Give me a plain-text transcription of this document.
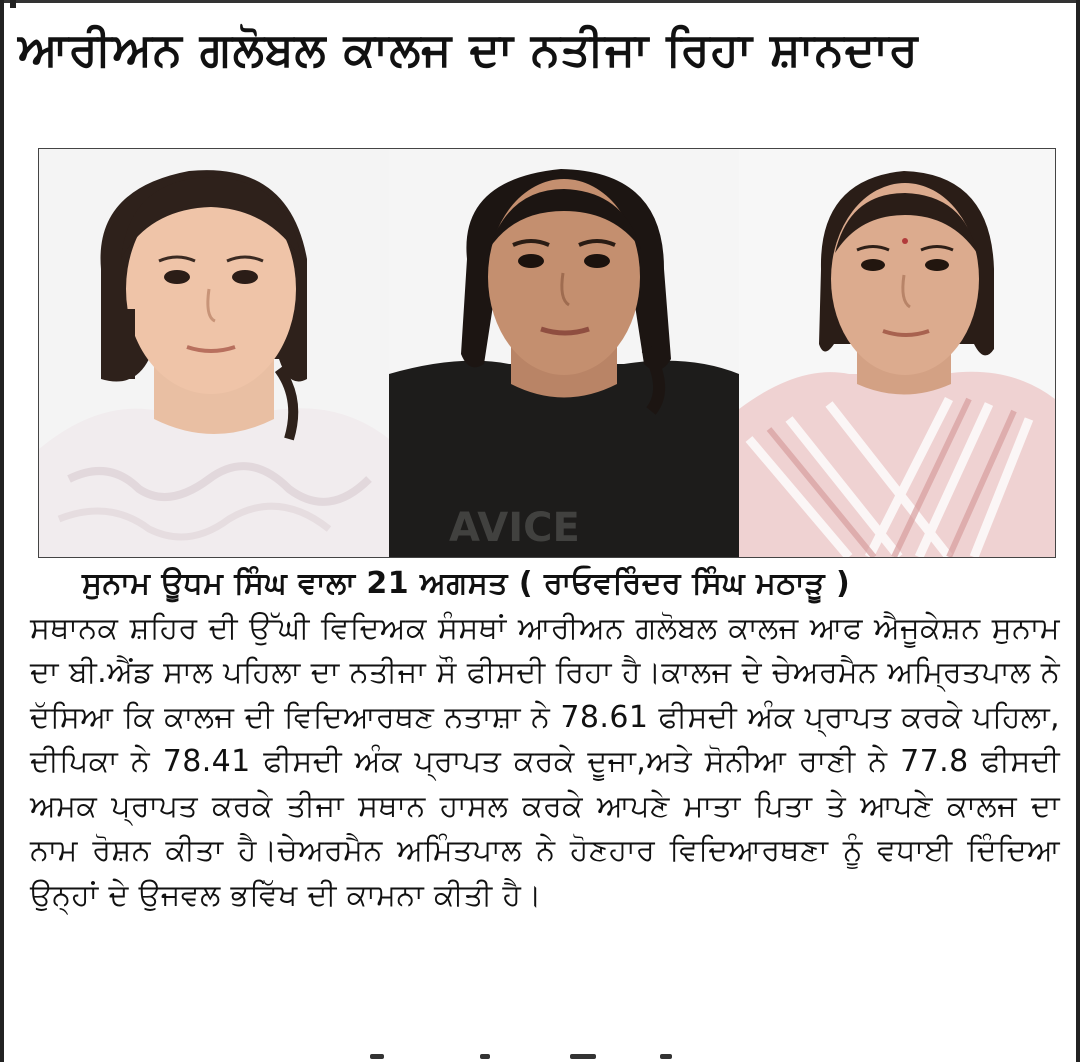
ਆਰੀਅਨ ਗਲੋਬਲ ਕਾਲਜ ਦਾ ਨਤੀਜਾ ਰਿਹਾ ਸ਼ਾਨਦਾਰ
AVICE
ਸੁਨਾਮ ਊਧਮ ਸਿੰਘ ਵਾਲਾ 21 ਅਗਸਤ ( ਰਾਓਵਰਿੰਦਰ ਸਿੰਘ ਮਠਾੜੂ )
ਸਥਾਨਕ ਸ਼ਹਿਰ ਦੀ ਉੱਘੀ ਵਿਦਿਅਕ ਸੰਸਥਾਂ ਆਰੀਅਨ ਗਲੋਬਲ ਕਾਲਜ ਆਫ ਐਜੂਕੇਸ਼ਨ ਸੁਨਾਮ ਦਾ ਬੀ.ਐਂਡ ਸਾਲ ਪਹਿਲਾ ਦਾ ਨਤੀਜਾ ਸੌ ਫੀਸਦੀ ਰਿਹਾ ਹੈ।ਕਾਲਜ ਦੇ ਚੇਅਰਮੈਨ ਅਮ੍ਰਿਤਪਾਲ ਨੇ ਦੱਸਿਆ ਕਿ ਕਾਲਜ ਦੀ ਵਿਦਿਆਰਥਣ ਨਤਾਸ਼ਾ ਨੇ 78.61 ਫੀਸਦੀ ਅੰਕ ਪ੍ਰਾਪਤ ਕਰਕੇ ਪਹਿਲਾ, ਦੀਪਿਕਾ ਨੇ 78.41 ਫੀਸਦੀ ਅੰਕ ਪ੍ਰਾਪਤ ਕਰਕੇ ਦੂਜਾ,ਅਤੇ ਸੋਨੀਆ ਰਾਣੀ ਨੇ 77.8 ਫੀਸਦੀ ਅਮਕ ਪ੍ਰਾਪਤ ਕਰਕੇ ਤੀਜਾ ਸਥਾਨ ਹਾਸਲ ਕਰਕੇ ਆਪਣੇ ਮਾਤਾ ਪਿਤਾ ਤੇ ਆਪਣੇ ਕਾਲਜ ਦਾ ਨਾਮ ਰੋਸ਼ਨ ਕੀਤਾ ਹੈ।ਚੇਅਰਮੈਨ ਅਮਿੰਤਪਾਲ ਨੇ ਹੋਣਹਾਰ ਵਿਦਿਆਰਥਣਾ ਨੂੰ ਵਧਾਈ ਦਿੰਦਿਆ ਉਨ੍ਹਾਂ ਦੇ ਉਜਵਲ ਭਵਿੱਖ ਦੀ ਕਾਮਨਾ ਕੀਤੀ ਹੈ।
